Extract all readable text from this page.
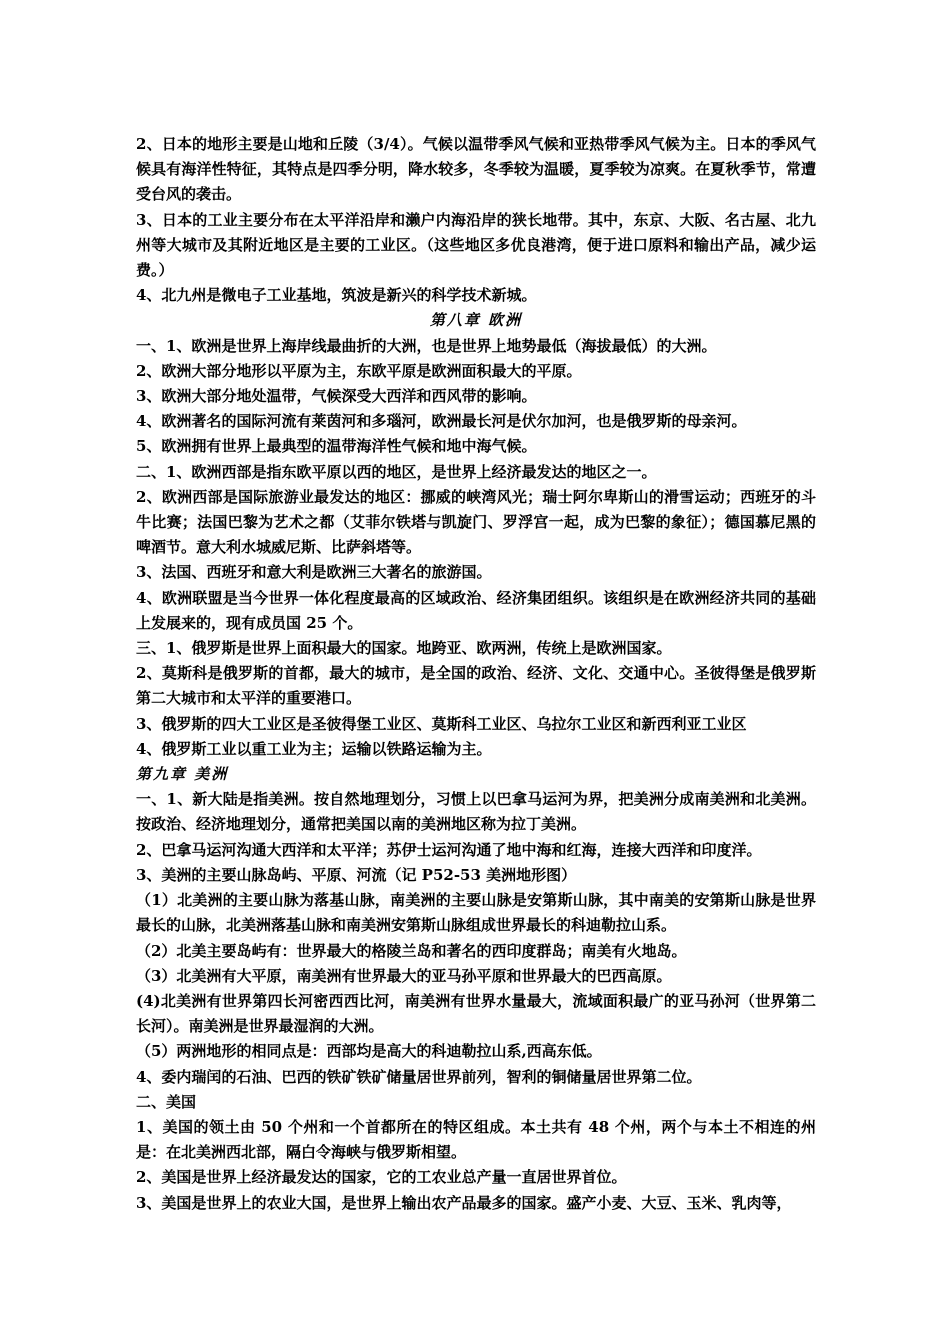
2、日本的地形主要是山地和丘陵（3/4）。气候以温带季风气候和亚热带季风气候为主。日本的季风气候具有海洋性特征，其特点是四季分明，降水较多，冬季较为温暖，夏季较为凉爽。在夏秋季节，常遭受台风的袭击。

3、日本的工业主要分布在太平洋沿岸和濑户内海沿岸的狭长地带。其中，东京、大阪、名古屋、北九州等大城市及其附近地区是主要的工业区。（这些地区多优良港湾，便于进口原料和输出产品，减少运费。）

4、北九州是微电子工业基地，筑波是新兴的科学技术新城。

第八章 欧洲

一、1、欧洲是世界上海岸线最曲折的大洲，也是世界上地势最低（海拔最低）的大洲。

2、欧洲大部分地形以平原为主，东欧平原是欧洲面积最大的平原。

3、欧洲大部分地处温带，气候深受大西洋和西风带的影响。

4、欧洲著名的国际河流有莱茵河和多瑙河，欧洲最长河是伏尔加河，也是俄罗斯的母亲河。

5、欧洲拥有世界上最典型的温带海洋性气候和地中海气候。

二、1、欧洲西部是指东欧平原以西的地区，是世界上经济最发达的地区之一。

2、欧洲西部是国际旅游业最发达的地区：挪威的峡湾风光；瑞士阿尔卑斯山的滑雪运动；西班牙的斗牛比赛；法国巴黎为艺术之都（艾菲尔铁塔与凯旋门、罗浮宫一起，成为巴黎的象征）；德国慕尼黑的啤酒节。意大利水城威尼斯、比萨斜塔等。

3、法国、西班牙和意大利是欧洲三大著名的旅游国。

4、欧洲联盟是当今世界一体化程度最高的区域政治、经济集团组织。该组织是在欧洲经济共同的基础上发展来的，现有成员国 25 个。

三、1、俄罗斯是世界上面积最大的国家。地跨亚、欧两洲，传统上是欧洲国家。

2、莫斯科是俄罗斯的首都，最大的城市，是全国的政治、经济、文化、交通中心。圣彼得堡是俄罗斯第二大城市和太平洋的重要港口。

3、俄罗斯的四大工业区是圣彼得堡工业区、莫斯科工业区、乌拉尔工业区和新西利亚工业区

4、俄罗斯工业以重工业为主；运输以铁路运输为主。

第九章 美洲

一、1、新大陆是指美洲。按自然地理划分，习惯上以巴拿马运河为界，把美洲分成南美洲和北美洲。按政治、经济地理划分，通常把美国以南的美洲地区称为拉丁美洲。

2、巴拿马运河沟通大西洋和太平洋；苏伊士运河沟通了地中海和红海，连接大西洋和印度洋。

3、美洲的主要山脉岛屿、平原、河流（记 P52-53 美洲地形图）

（1）北美洲的主要山脉为落基山脉，南美洲的主要山脉是安第斯山脉，其中南美的安第斯山脉是世界最长的山脉，北美洲落基山脉和南美洲安第斯山脉组成世界最长的科迪勒拉山系。

（2）北美主要岛屿有：世界最大的格陵兰岛和著名的西印度群岛；南美有火地岛。

（3）北美洲有大平原，南美洲有世界最大的亚马孙平原和世界最大的巴西高原。

(4)北美洲有世界第四长河密西西比河，南美洲有世界水量最大，流域面积最广的亚马孙河（世界第二长河）。南美洲是世界最湿润的大洲。

（5）两洲地形的相同点是：西部均是高大的科迪勒拉山系,西高东低。

4、委内瑞闰的石油、巴西的铁矿铁矿储量居世界前列，智利的铜储量居世界第二位。

二、美国

1、美国的领土由 50 个州和一个首都所在的特区组成。本土共有 48 个州，两个与本土不相连的州是：在北美洲西北部，隔白令海峡与俄罗斯相望。

2、美国是世界上经济最发达的国家，它的工农业总产量一直居世界首位。

3、美国是世界上的农业大国，是世界上输出农产品最多的国家。盛产小麦、大豆、玉米、乳肉等，
